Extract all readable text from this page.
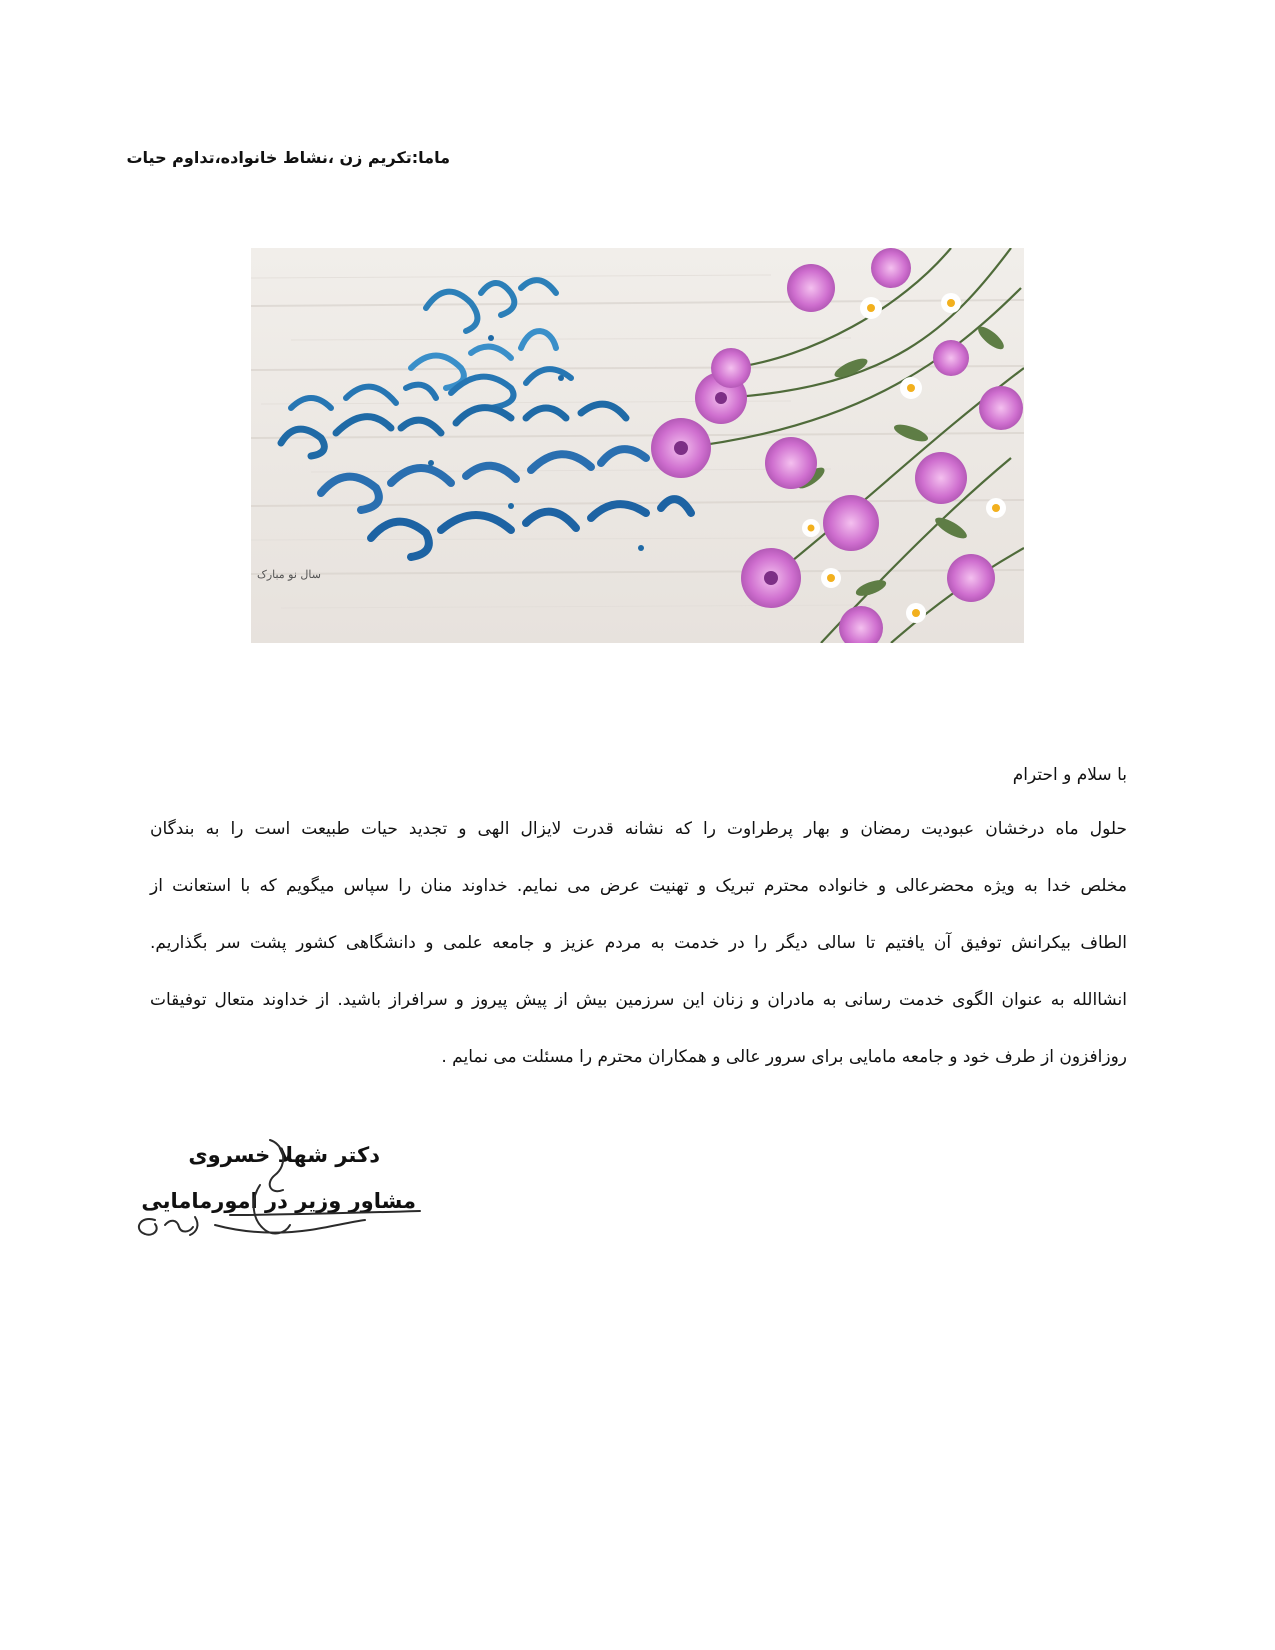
ماما:تکریم زن ،نشاط خانواده،تداوم حیات
سال نو مبارک
با سلام و احترام
حلول ماه درخشان عبودیت رمضان و بهار پرطراوت را که نشانه قدرت لایزال الهی و تجدید حیات طبیعت است را به بندگان
مخلص خدا به ویژه محضرعالی و خانواده محترم تبریک و تهنیت عرض می نمایم. خداوند منان را سپاس میگویم که با استعانت از
الطاف بیکرانش توفیق آن یافتیم تا سالی دیگر را در خدمت به مردم عزیز و جامعه علمی و دانشگاهی کشور پشت سر بگذاریم.
انشاالله به عنوان الگوی خدمت رسانی به مادران و زنان این سرزمین بیش از پیش پیروز و سرافراز باشید. از خداوند متعال توفیقات
روزافزون از طرف خود و جامعه مامایی برای سرور عالی و همکاران محترم را مسئلت می نمایم .
دکتر شهلا خسروی
مشاور وزیر در امورمامایی
